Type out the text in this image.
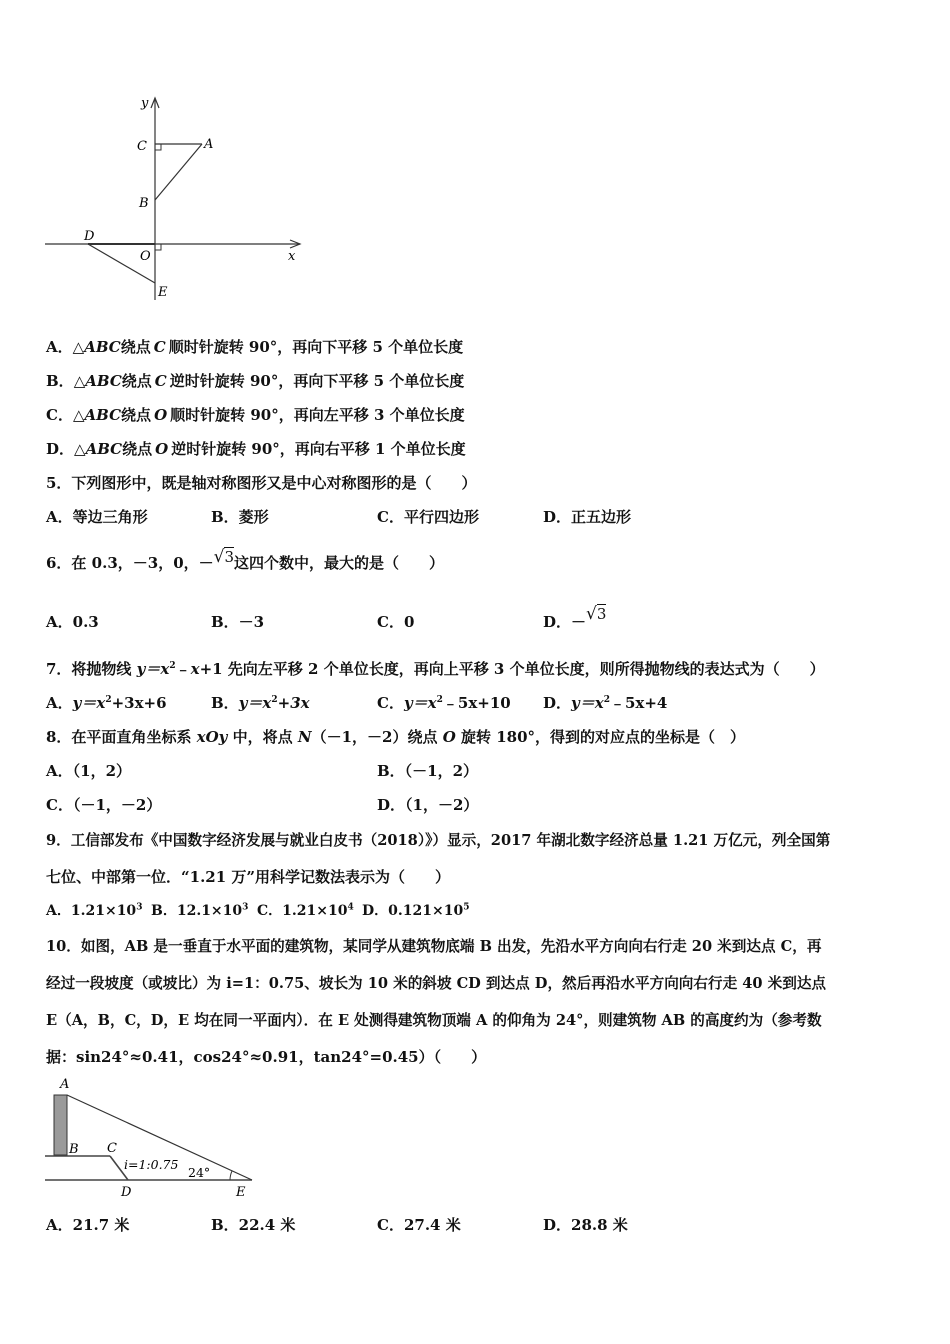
y
x
C	A
B
D
O
E
A．△ABC绕点  C  顺时针旋转 90°，再向下平移 5 个单位长度
B．△ABC绕点  C  逆时针旋转 90°，再向下平移 5 个单位长度
C．△ABC绕点  O  顺时针旋转 90°，再向左平移 3 个单位长度
D．△ABC绕点  O  逆时针旋转 90°，再向右平移 1 个单位长度
5．下列图形中，既是轴对称图形又是中心对称图形的是（　　）
A．等边三角形	B．菱形	C．平行四边形	D．正五边形
6．在 0.3，－3，0，－√3这四个数中，最大的是（　　）
A．0.3	B．－3	C．0	D．－√3
7．将抛物线 $y=x^2﹣x+1$ 先向左平移 2 个单位长度，再向上平移 3 个单位长度，则所得抛物线的表达式为（　　）
A．$y=x^2+3x+6$	B．$y=x^2+3x$	C．$y=x^2﹣5x+10$ D．$y=x^2﹣5x+4$
8．在平面直角坐标系 xOy 中，将点 N（－1，－2）绕点 O 旋转 180°，得到的对应点的坐标是（　）
A．（1，2）	B．（－1，2）
C．（－1，－2）	D．（1，－2）
9．工信部发布《中国数字经济发展与就业白皮书（2018）》）显示，2017 年湖北数字经济总量 1.21 万亿元，列全国第
七位、中部第一位．“1.21 万”用科学记数法表示为（　　）
A．$1.21\times 10^3$ B．$12.1\times 10^3$ C．$1.21\times 10^4$ D．$0.121\times 10^5$
10．如图，AB 是一垂直于水平面的建筑物，某同学从建筑物底端 B 出发，先沿水平方向向右行走 20 米到达点 C，再
经过一段坡度（或坡比）为 i=1：0.75、坡长为 10 米的斜坡 CD 到达点 D，然后再沿水平方向向右行走 40 米到达点
E（A，B，C，D，E 均在同一平面内）．在 E 处测得建筑物顶端 A 的仰角为 24°，则建筑物 AB 的高度约为（参考数
据：sin24°≈0.41，cos24°≈0.91，tan24°=0.45）（　　）
A
B C
D	E
i=1:0.75
24°
A．21.7 米	B．22.4 米	C．27.4 米	D．28.8 米
